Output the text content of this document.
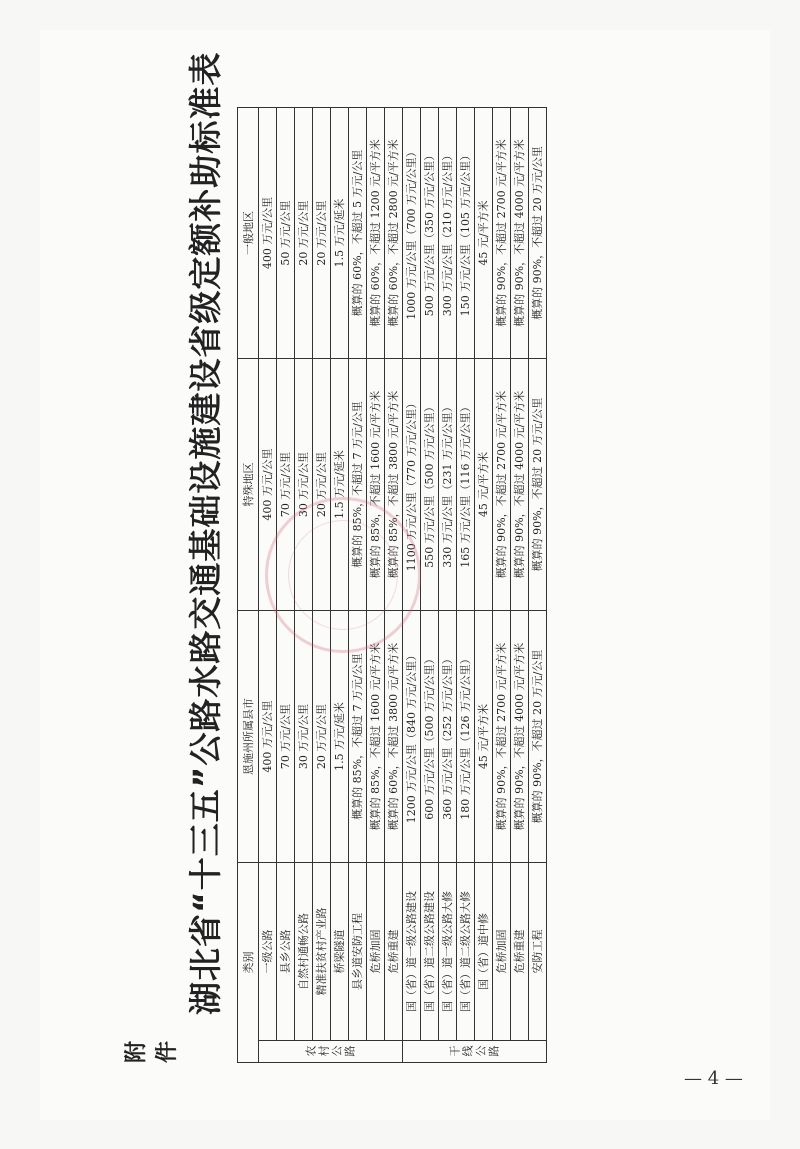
附件
湖北省“十三五”公路水路交通基础设施建设省级定额补助标准表 类别		恩施州所属县市	特殊地区	一般地区
农村公路	一级公路	400 万元/公里	400 万元/公里	400 万元/公里
	县乡公路	70 万元/公里	70 万元/公里	50 万元/公里
	自然村通畅公路	30 万元/公里	30 万元/公里	20 万元/公里
	精准扶贫村产业路	20 万元/公里	20 万元/公里	20 万元/公里
	桥梁隧道	1.5 万元/延米	1.5 万元/延米	1.5 万元/延米
	县乡道安防工程	概算的 85%，不超过 7 万元/公里	概算的 85%，不超过 7 万元/公里	概算的 60%，不超过 5 万元/公里
	危桥加固	概算的 85%，不超过 1600 元/平方米	概算的 85%，不超过 1600 元/平方米	概算的 60%，不超过 1200 元/平方米
	危桥重建	概算的 60%，不超过 3800 元/平方米	概算的 85%，不超过 3800 元/平方米	概算的 60%，不超过 2800 元/平方米
干线公路	国（省）道一级公路建设	1200 万元/公里（840 万元/公里）	1100 万元/公里（770 万元/公里）	1000 万元/公里（700 万元/公里）
	国（省）道二级公路建设	600 万元/公里（500 万元/公里）	550 万元/公里（500 万元/公里）	500 万元/公里（350 万元/公里）
	国（省）道一级公路大修	360 万元/公里（252 万元/公里）	330 万元/公里（231 万元/公里）	300 万元/公里（210 万元/公里）
	国（省）道二级公路大修	180 万元/公里（126 万元/公里）	165 万元/公里（116 万元/公里）	150 万元/公里（105 万元/公里）
	国（省）道中修	45 元/平方米	45 元/平方米	45 元/平方米
	危桥加固	概算的 90%，不超过 2700 元/平方米	概算的 90%，不超过 2700 元/平方米	概算的 90%，不超过 2700 元/平方米
	危桥重建	概算的 90%，不超过 4000 元/平方米	概算的 90%，不超过 4000 元/平方米	概算的 90%，不超过 4000 元/平方米
	安防工程	概算的 90%，不超过 20 万元/公里	概算的 90%，不超过 20 万元/公里	概算的 90%，不超过 20 万元/公里
— 4 —
